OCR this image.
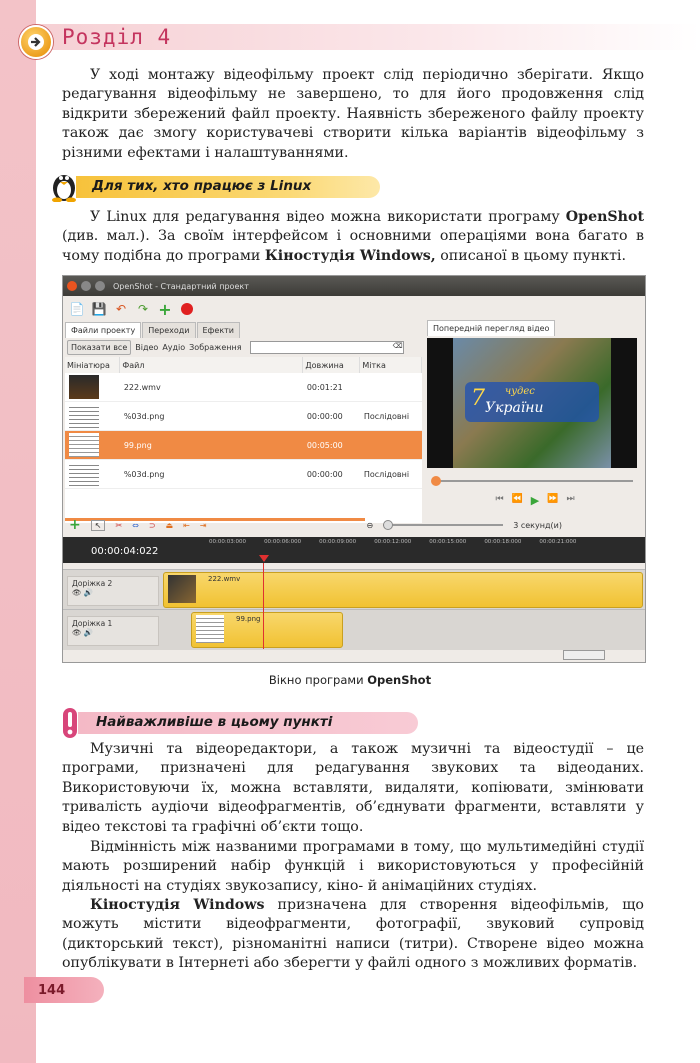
Розділ 4

У ході монтажу відеофільму проект слід періодично зберігати. Якщо редагування відеофільму не завершено, то для його продовження слід відкрити збережений файл проекту. Наявність збереженого файлу проекту також дає змогу користувачеві створити кілька варіантів відеофільму з різними ефектами і налаштуваннями.

Для тих, хто працює з Linux

У Linux для редагування відео можна використати програму OpenShot (див. мал.). За своїм інтерфейсом і основними операціями вона багато в чому подібна до програми Кіностудія Windows, описаної в цьому пункті.

OpenShot - Стандартний проект
📄 💾 ↶ ↷ +
Файли проекту	Переходи	Ефекти
Показати все	Відео Аудіо Зображення	⌫
Мініатюра	Файл	Довжина	Мітка
	222.wmv	00:01:21	
	%03d.png	00:00:00	Послідовні
	99.png	00:05:00	
	%03d.png	00:00:00	Послідовні
Попередній перегляд відео
7 чудес
України
⏮ ⏪ ▶ ⏩ ⏭
+	↖	✂ ⇔ ⊃ ⏏ ⇤ ⇥	⊖	3 секунд(и)
00:00:04:022
00:00:03:000	00:00:06:000	00:00:09:000	00:00:12:000	00:00:15:000	00:00:18:000	00:00:21:000
Доріжка 2
👁 🔊
222.wmv
Доріжка 1
👁 🔊
99.png
Вікно програми OpenShot
Найважливіше в цьому пункті

Музичні та відеоредактори, а також музичні та відеостудії – це програми, призначені для редагування звукових та відеоданих. Використовуючи їх, можна вставляти, видаляти, копіювати, змінювати тривалість аудіочи відеофрагментів, об’єднувати фрагменти, вставляти у відео текстові та графічні об’єкти тощо.

Відмінність між названими програмами в тому, що мультимедійні студії мають розширений набір функцій і використовуються у професійній діяльності на студіях звукозапису, кіно- й анімаційних студіях.

Кіностудія Windows призначена для створення відеофільмів, що можуть містити відеофрагменти, фотографії, звуковий супровід (дикторський текст), різноманітні написи (титри). Створене відео можна опублікувати в Інтернеті або зберегти у файлі одного з можливих форматів.

144
